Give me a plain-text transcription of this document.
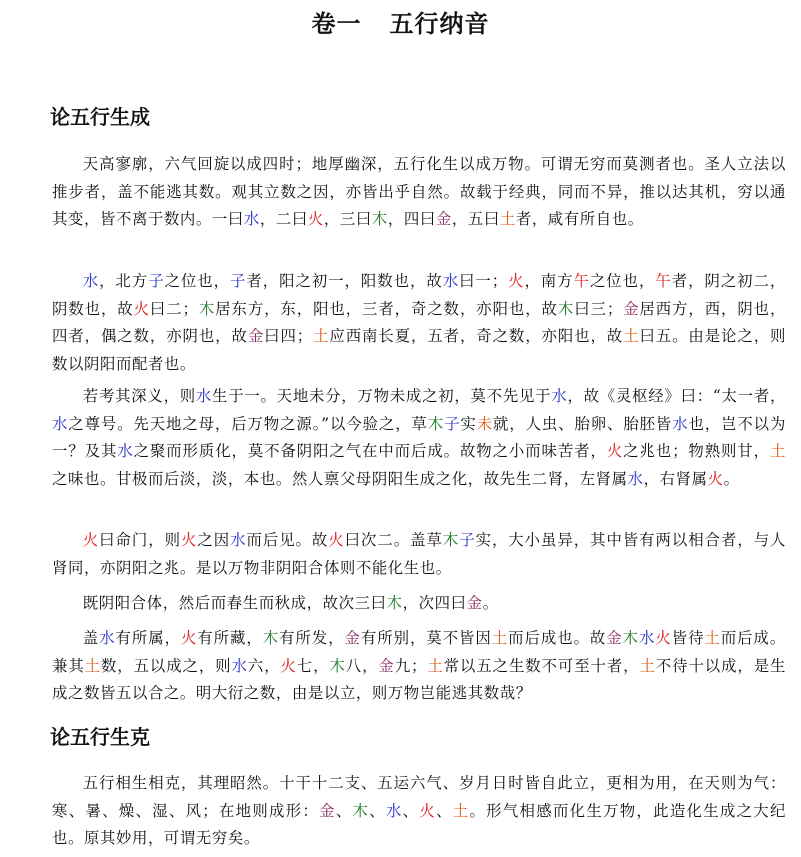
卷一 五行纳音
论五行生成

天高寥廓，六气回旋以成四时；地厚幽深，五行化生以成万物。可谓无穷而莫测者也。圣人立法以推步者，盖不能逃其数。观其立数之因，亦皆出乎自然。故载于经典，同而不异，推以达其机，穷以通其变，皆不离于数内。一曰水，二曰火，三曰木，四曰金，五曰土者，咸有所自也。

水，北方子之位也，子者，阳之初一，阳数也，故水曰一；火，南方午之位也，午者，阴之初二，阴数也，故火曰二；木居东方，东，阳也，三者，奇之数，亦阳也，故木曰三；金居西方，西，阴也，四者，偶之数，亦阴也，故金曰四；土应西南长夏，五者，奇之数，亦阳也，故土曰五。由是论之，则数以阴阳而配者也。

若考其深义，则水生于一。天地未分，万物未成之初，莫不先见于水，故《灵枢经》曰：“太一者，水之尊号。先天地之母，后万物之源。”以今验之，草木子实未就，人虫、胎卵、胎胚皆水也，岂不以为一？及其水之聚而形质化，莫不备阴阳之气在中而后成。故物之小而味苦者，火之兆也；物熟则甘，土之味也。甘极而后淡，淡，本也。然人禀父母阴阳生成之化，故先生二肾，左肾属水，右肾属火。

火曰命门，则火之因水而后见。故火曰次二。盖草木子实，大小虽异，其中皆有两以相合者，与人肾同，亦阴阳之兆。是以万物非阴阳合体则不能化生也。

既阴阳合体，然后而春生而秋成，故次三曰木，次四曰金。

盖水有所属，火有所藏，木有所发，金有所别，莫不皆因土而后成也。故金木水火皆待土而后成。兼其土数，五以成之，则水六，火七，木八，金九；土常以五之生数不可至十者，土不待十以成，是生成之数皆五以合之。明大衍之数，由是以立，则万物岂能逃其数哉？

论五行生克

五行相生相克，其理昭然。十干十二支、五运六气、岁月日时皆自此立，更相为用，在天则为气：寒、暑、燥、湿、风；在地则成形：金、木、水、火、土。形气相感而化生万物，此造化生成之大纪也。原其妙用，可谓无穷矣。
